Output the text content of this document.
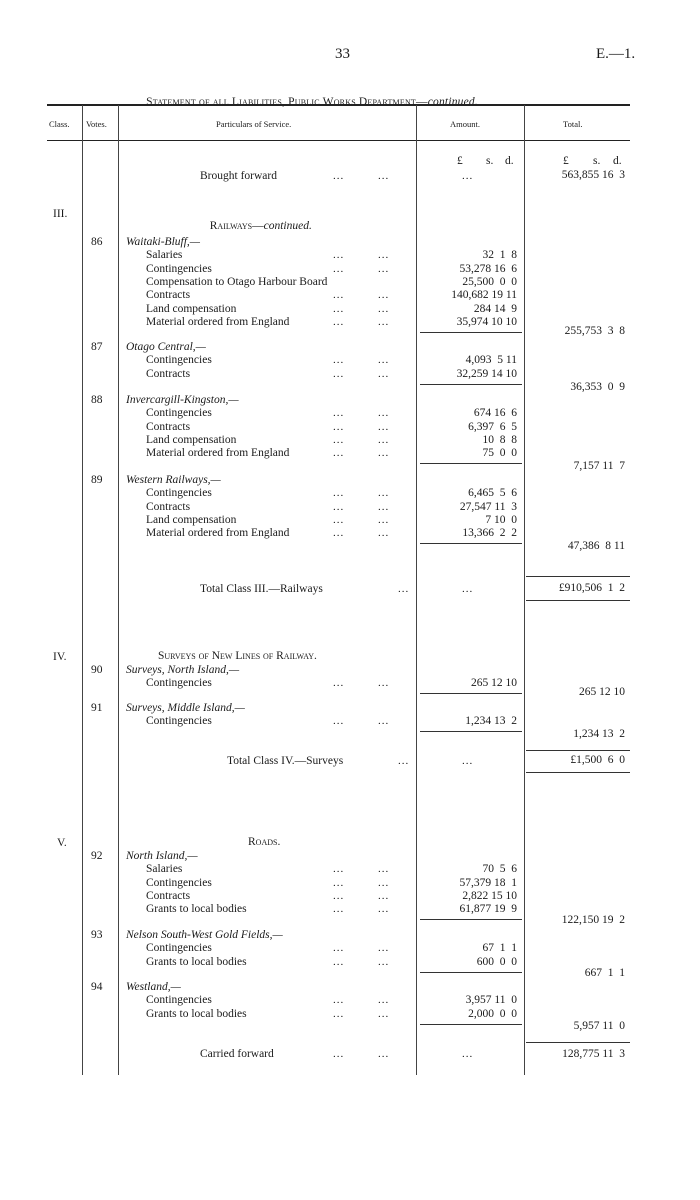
33	E.—1.

Statement of all Liabilities, Public Works Department—continued.

Class. Votes.	Particulars of Service.	Amount.	Total.
£ s. d.	£ s. d.
Brought forward	...         ...	...	563,855 16  3
III.

Railways—continued.

86 Waitaki-Bluff,—
Salaries	...         ...	32  1  8
Contingencies	...         ...	53,278 16  6
Compensation to Otago Harbour Board	25,500  0  0
Contracts	...         ...	140,682 19 11
Land compensation	...         ...	284 14  9
Material ordered from England	...         ...	35,974 10 10
255,753  3  8
87 Otago Central,—
Contingencies	...         ...	4,093  5 11
Contracts	...         ...	32,259 14 10
36,353  0  9
88 Invercargill-Kingston,—
Contingencies	...         ...	674 16  6
Contracts	...         ...	6,397  6  5
Land compensation	...         ...	10  8  8
Material ordered from England	...         ...	75  0  0
7,157 11  7
89 Western Railways,—
Contingencies	...         ...	6,465  5  6
Contracts	...         ...	27,547 11  3
Land compensation	...         ...	7 10  0
Material ordered from England	...         ...	13,366  2  2
47,386  8 11
Total Class III.—Railways	...	...	£910,506  1  2
IV.	Surveys of New Lines of Railway.
90 Surveys, North Island,—
Contingencies	...         ...	265 12 10
265 12 10
91 Surveys, Middle Island,—
Contingencies	...         ...	1,234 13  2
1,234 13  2
Total Class IV.—Surveys	...	...	£1,500  6  0
V.	Roads.
92 North Island,—
Salaries	...         ...	70  5  6
Contingencies	...         ...	57,379 18  1
Contracts	...         ...	2,822 15 10
Grants to local bodies	...         ...	61,877 19  9
122,150 19  2
93 Nelson South-West Gold Fields,—
Contingencies	...         ...	67  1  1
Grants to local bodies	...         ...	600  0  0
667  1  1
94 Westland,—
Contingencies	...         ...	3,957 11  0
Grants to local bodies	...         ...	2,000  0  0
5,957 11  0
Carried forward	...         ...	...	128,775 11  3
